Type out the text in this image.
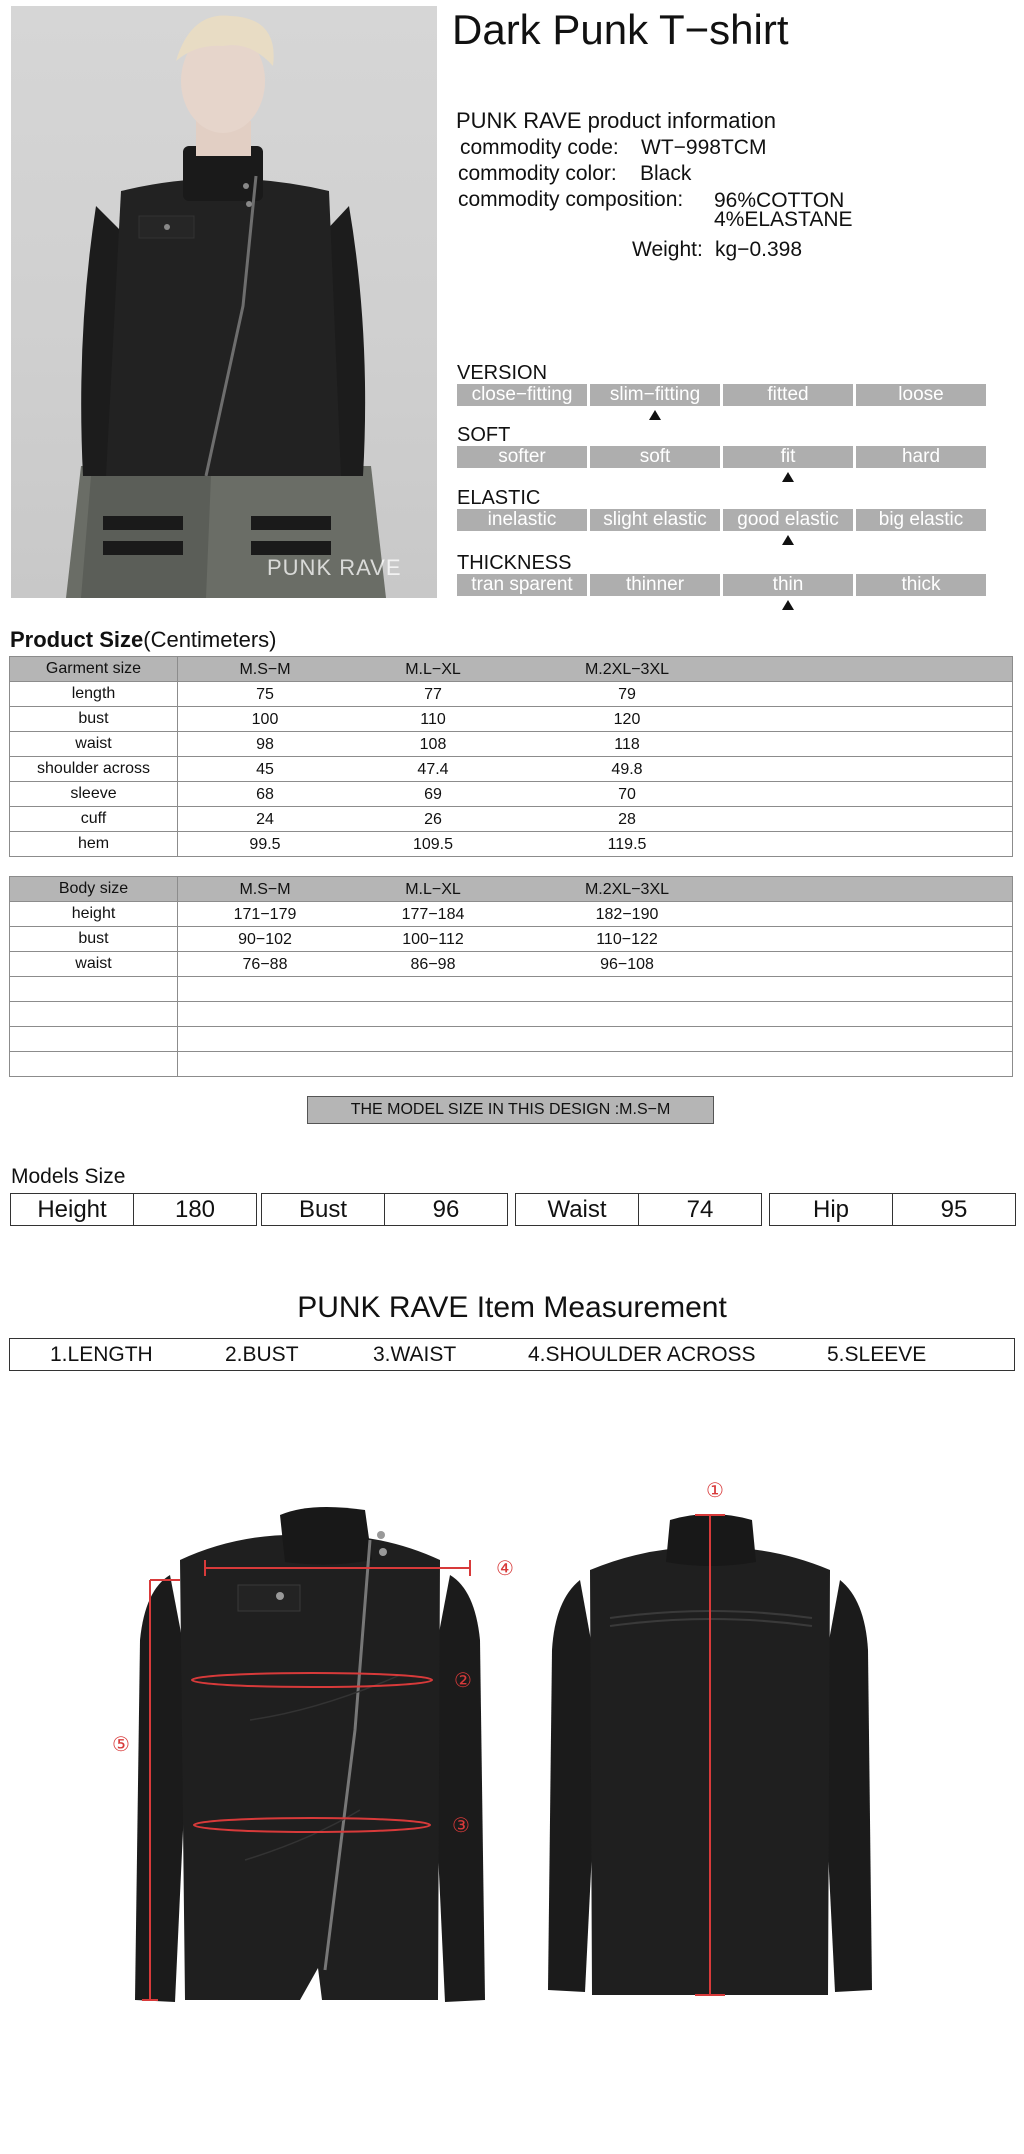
PUNK RAVE
Dark Punk T−shirt
PUNK RAVE product information
commodity code: WT−998TCM
commodity color: Black
commodity composition: 96%COTTON
4%ELASTANE
Weight: kg−0.398
VERSION
close−fitting	slim−fitting	fitted	loose
SOFT
softer	soft	fit	hard
ELASTIC
inelastic	slight elastic	good elastic	big elastic
THICKNESS
tran sparent	thinner	thin	thick
Product Size(Centimeters)
Garment size	M.S−M M.L−XL M.2XL−3XL

length	75 77 79

bust	100 110 120

waist	98 108 118

shoulder across	45 47.4 49.8

sleeve	68 69 70

cuff	24 26 28

hem	99.5 109.5 119.5
Body size	M.S−M M.L−XL M.2XL−3XL

height	171−179 177−184 182−190

bust	90−102 100−112 110−122

waist	76−88 86−98 96−108

THE MODEL SIZE IN THIS DESIGN :M.S−M
Models Size
Height	180	Bust	96	Waist	74	Hip	95
PUNK RAVE Item Measurement
1.LENGTH	2.BUST	3.WAIST	4.SHOULDER ACROSS	5.SLEEVE
④
②
③
⑤
①
